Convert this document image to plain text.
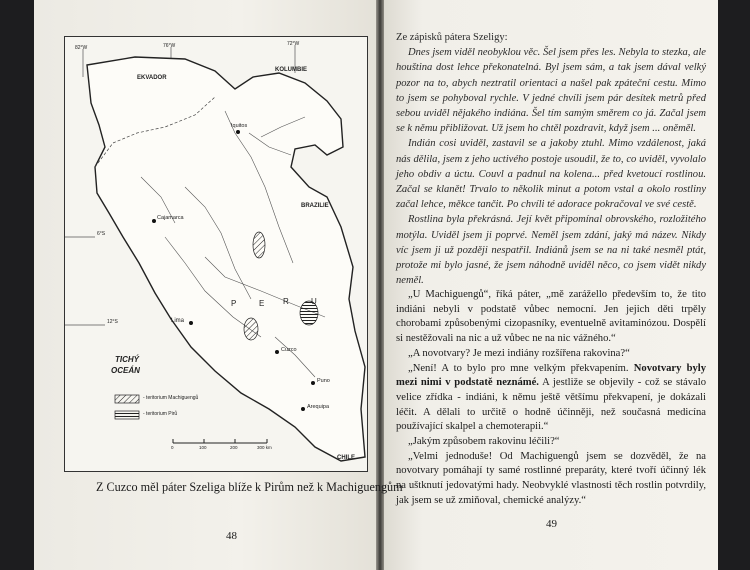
82°W	76°W	72°W
6°S
12°S
EKVADOR
KOLUMBIE
BRAZILIE
CHILE
TICHÝ
OCEÁN
Iquitos
Cajamarca
Lima
Cuzco
Puno
Arequipa
P	E R	U
- teritorium Machiguengů
- teritorium Pirů
0	100	200	300 km
Z Cuzco měl páter Szeliga blíže k Pirům než k Machiguengům
48

Ze zápisků pátera Szeligy:

Dnes jsem viděl neobyklou věc. Šel jsem přes les. Nebyla to stezka, ale houština dost lehce překonatelná. Byl jsem sám, a tak jsem dával velký pozor na to, abych neztratil orientaci a našel pak zpáteční cestu. Mimo to jsem se pohyboval rychle. V jedné chvíli jsem pár desítek metrů před sebou uviděl nějakého indiána. Šel tím samým směrem co já. Začal jsem se k němu přibližovat. Už jsem ho chtěl pozdravit, když jsem ... oněměl.

Indián cosi uviděl, zastavil se a jakoby ztuhl. Mimo vzdálenost, jaká nás dělila, jsem z jeho uctivého postoje usoudil, že to, co uviděl, vyvolalo jeho obdiv a úctu. Couvl a padnul na kolena... před kvetoucí rostlinou. Začal se klanět! Trvalo to několik minut a potom vstal a okolo rostliny začal lehce, měkce tančit. Po chvíli té adorace pokračoval ve své cestě.

Rostlina byla překrásná. Její květ připomínal obrovského, rozložitého motýla. Uviděl jsem ji poprvé. Neměl jsem zdání, jaký má název. Nikdy víc jsem ji už později nespatřil. Indiánů jsem se na ni také nesměl ptát, protože mi bylo jasné, že jsem náhodně uviděl něco, co jsem vidět nikdy neměl.

„U Machiguengů“, říká páter, „mě zarážello především to, že tito indiáni nebyli v podstatě vůbec nemocní. Jen jejich děti trpěly chorobami způsobenými cizopasníky, eventuelně avitaminózou. Dospělí si nestěžovali na nic a už vůbec ne na nic vážného.“

„A novotvary? Je mezi indiány rozšířena rakovina?“

„Není! A to bylo pro mne velkým překvapením. Novotvary byly mezi nimi v podstatě neznámé. A jestliže se objevily - což se stávalo velice zřídka - indiáni, k němu ještě většímu překvapení, je dokázali léčit. A dělali to určitě o hodně účinněji, než současná medicína používající skalpel a chemoterapii.“

„Jakým způsobem rakovinu léčili?“

„Velmi jednoduše! Od Machiguengů jsem se dozvěděl, že na novotvary pomáhají ty samé rostlinné preparáty, které tvoří účinný lék na uštknutí jedovatými hady. Neobvyklé vlastnosti těch rostlin potvrdily, jak jsem se už zmiňoval, chemické analýzy.“

49
